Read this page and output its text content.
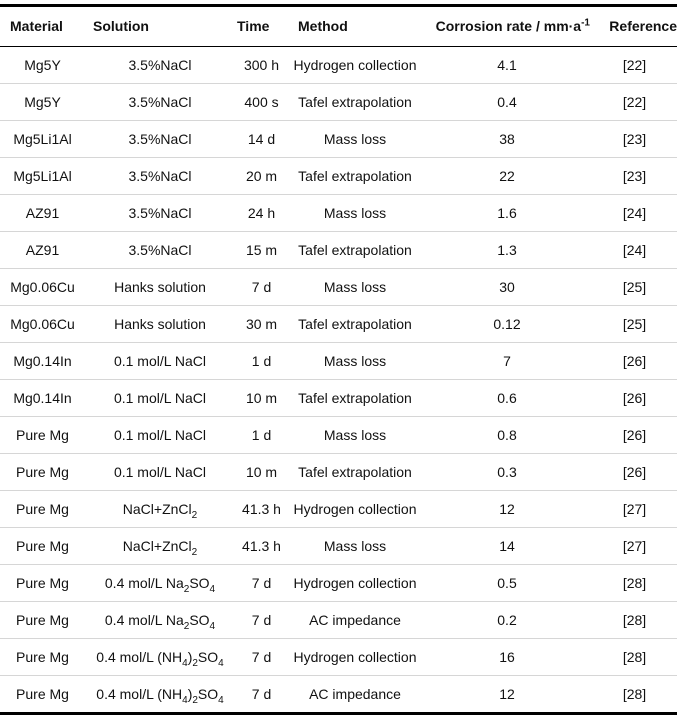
Material	Solution	Time	Method	Corrosion rate / $mm\cdot a^{-1}$	Reference
Mg5Y	3.5%NaCl	300 h	Hydrogen collection	4.1	[22]
Mg5Y	3.5%NaCl	400 s	Tafel extrapolation	0.4	[22]
Mg5Li1Al	3.5%NaCl	14 d	Mass loss	38	[23]
Mg5Li1Al	3.5%NaCl	20 m	Tafel extrapolation	22	[23]
AZ91	3.5%NaCl	24 h	Mass loss	1.6	[24]
AZ91	3.5%NaCl	15 m	Tafel extrapolation	1.3	[24]
Mg0.06Cu	Hanks solution	7 d	Mass loss	30	[25]
Mg0.06Cu	Hanks solution	30 m	Tafel extrapolation	0.12	[25]
Mg0.14In	0.1 mol/L NaCl	1 d	Mass loss	7	[26]
Mg0.14In	0.1 mol/L NaCl	10 m	Tafel extrapolation	0.6	[26]
Pure Mg	0.1 mol/L NaCl	1 d	Mass loss	0.8	[26]
Pure Mg	0.1 mol/L NaCl	10 m	Tafel extrapolation	0.3	[26]
Pure Mg	NaCl+ZnCl$_2$	41.3 h	Hydrogen collection	12	[27]
Pure Mg	NaCl+ZnCl$_2$	41.3 h	Mass loss	14	[27]
Pure Mg	0.4 mol/L $Na_2SO_4$	7 d	Hydrogen collection	0.5	[28]
Pure Mg	0.4 mol/L $Na_2SO_4$	7 d	AC impedance	0.2	[28]
Pure Mg	0.4 mol/L $(NH_4)_2SO_4$	7 d	Hydrogen collection	16	[28]
Pure Mg	0.4 mol/L $(NH_4)_2SO_4$	7 d	AC impedance	12	[28]
